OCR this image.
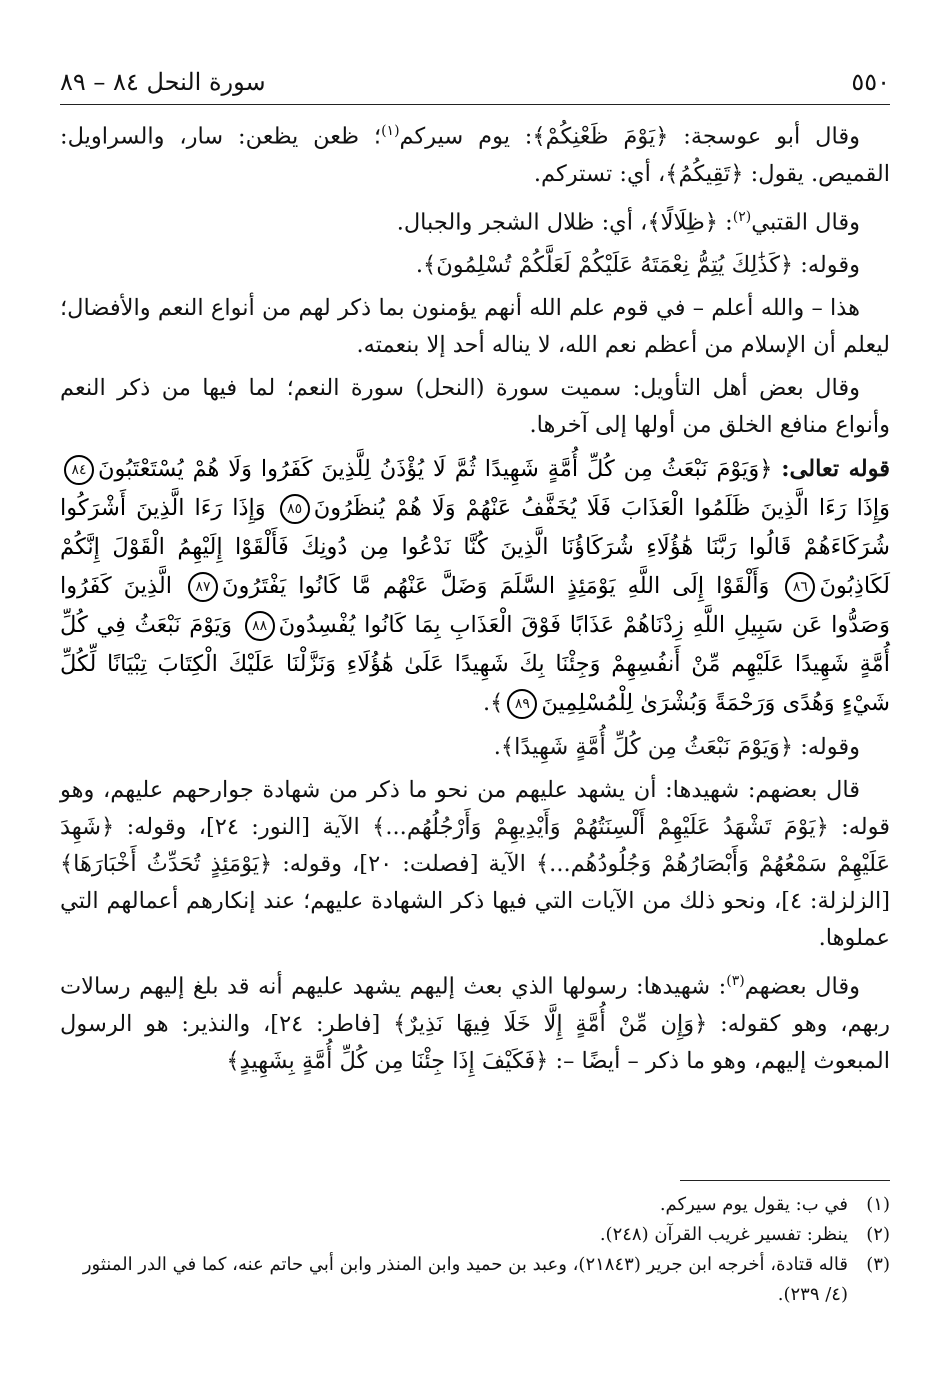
٥٥٠
سورة النحل ٨٤ – ٨٩

وقال أبو عوسجة: ﴿يَوْمَ ظَعْنِكُمْ﴾: يوم سيركم$^{(١)}$؛ ظعن يظعن: سار، والسراويل: القميص. يقول: ﴿تَقِيكُمُ﴾، أي: تستركم.

وقال القتبي$^{(٢)}$: ﴿ظِلَالًا﴾، أي: ظلال الشجر والجبال.

وقوله: ﴿كَذَٰلِكَ يُتِمُّ نِعْمَتَهُ عَلَيْكُمْ لَعَلَّكُمْ تُسْلِمُونَ﴾.

هذا – والله أعلم – في قوم علم الله أنهم يؤمنون بما ذكر لهم من أنواع النعم والأفضال؛ ليعلم أن الإسلام من أعظم نعم الله، لا يناله أحد إلا بنعمته.

وقال بعض أهل التأويل: سميت سورة (النحل) سورة النعم؛ لما فيها من ذكر النعم وأنواع منافع الخلق من أولها إلى آخرها.

قوله تعالى: ﴿وَيَوْمَ نَبْعَثُ مِن كُلِّ أُمَّةٍ شَهِيدًا ثُمَّ لَا يُؤْذَنُ لِلَّذِينَ كَفَرُوا وَلَا هُمْ يُسْتَعْتَبُونَ٨٤ وَإِذَا رَءَا الَّذِينَ ظَلَمُوا الْعَذَابَ فَلَا يُخَفَّفُ عَنْهُمْ وَلَا هُمْ يُنظَرُونَ٨٥ وَإِذَا رَءَا الَّذِينَ أَشْرَكُوا شُرَكَاءَهُمْ قَالُوا رَبَّنَا هَٰؤُلَاءِ شُرَكَاؤُنَا الَّذِينَ كُنَّا نَدْعُوا مِن دُونِكَ فَأَلْقَوْا إِلَيْهِمُ الْقَوْلَ إِنَّكُمْ لَكَاذِبُونَ٨٦ وَأَلْقَوْا إِلَى اللَّهِ يَوْمَئِذٍ السَّلَمَ وَضَلَّ عَنْهُم مَّا كَانُوا يَفْتَرُونَ٨٧ الَّذِينَ كَفَرُوا وَصَدُّوا عَن سَبِيلِ اللَّهِ زِدْنَاهُمْ عَذَابًا فَوْقَ الْعَذَابِ بِمَا كَانُوا يُفْسِدُونَ٨٨ وَيَوْمَ نَبْعَثُ فِي كُلِّ أُمَّةٍ شَهِيدًا عَلَيْهِم مِّنْ أَنفُسِهِمْ وَجِئْنَا بِكَ شَهِيدًا عَلَىٰ هَٰؤُلَاءِ وَنَزَّلْنَا عَلَيْكَ الْكِتَابَ تِبْيَانًا لِّكُلِّ شَيْءٍ وَهُدًى وَرَحْمَةً وَبُشْرَىٰ لِلْمُسْلِمِينَ٨٩﴾.

وقوله: ﴿وَيَوْمَ نَبْعَثُ مِن كُلِّ أُمَّةٍ شَهِيدًا﴾.

قال بعضهم: شهيدها: أن يشهد عليهم من نحو ما ذكر من شهادة جوارحهم عليهم، وهو قوله: ﴿يَوْمَ تَشْهَدُ عَلَيْهِمْ أَلْسِنَتُهُمْ وَأَيْدِيهِمْ وَأَرْجُلُهُم...﴾ الآية [النور: ٢٤]، وقوله: ﴿شَهِدَ عَلَيْهِمْ سَمْعُهُمْ وَأَبْصَارُهُمْ وَجُلُودُهُم...﴾ الآية [فصلت: ٢٠]، وقوله: ﴿يَوْمَئِذٍ تُحَدِّثُ أَخْبَارَهَا﴾ [الزلزلة: ٤]، ونحو ذلك من الآيات التي فيها ذكر الشهادة عليهم؛ عند إنكارهم أعمالهم التي عملوها.

وقال بعضهم$^{(٣)}$: شهيدها: رسولها الذي بعث إليهم يشهد عليهم أنه قد بلغ إليهم رسالات ربهم، وهو كقوله: ﴿وَإِن مِّنْ أُمَّةٍ إِلَّا خَلَا فِيهَا نَذِيرٌ﴾ [فاطر: ٢٤]، والنذير: هو الرسول المبعوث إليهم، وهو ما ذكر – أيضًا –: ﴿فَكَيْفَ إِذَا جِئْنَا مِن كُلِّ أُمَّةٍ بِشَهِيدٍ﴾

(١)في ب: يقول يوم سيركم.

(٢)ينظر: تفسير غريب القرآن (٢٤٨).

(٣)قاله قتادة، أخرجه ابن جرير (٢١٨٤٣)، وعبد بن حميد وابن المنذر وابن أبي حاتم عنه، كما في الدر المنثور (٤/ ٢٣٩).
